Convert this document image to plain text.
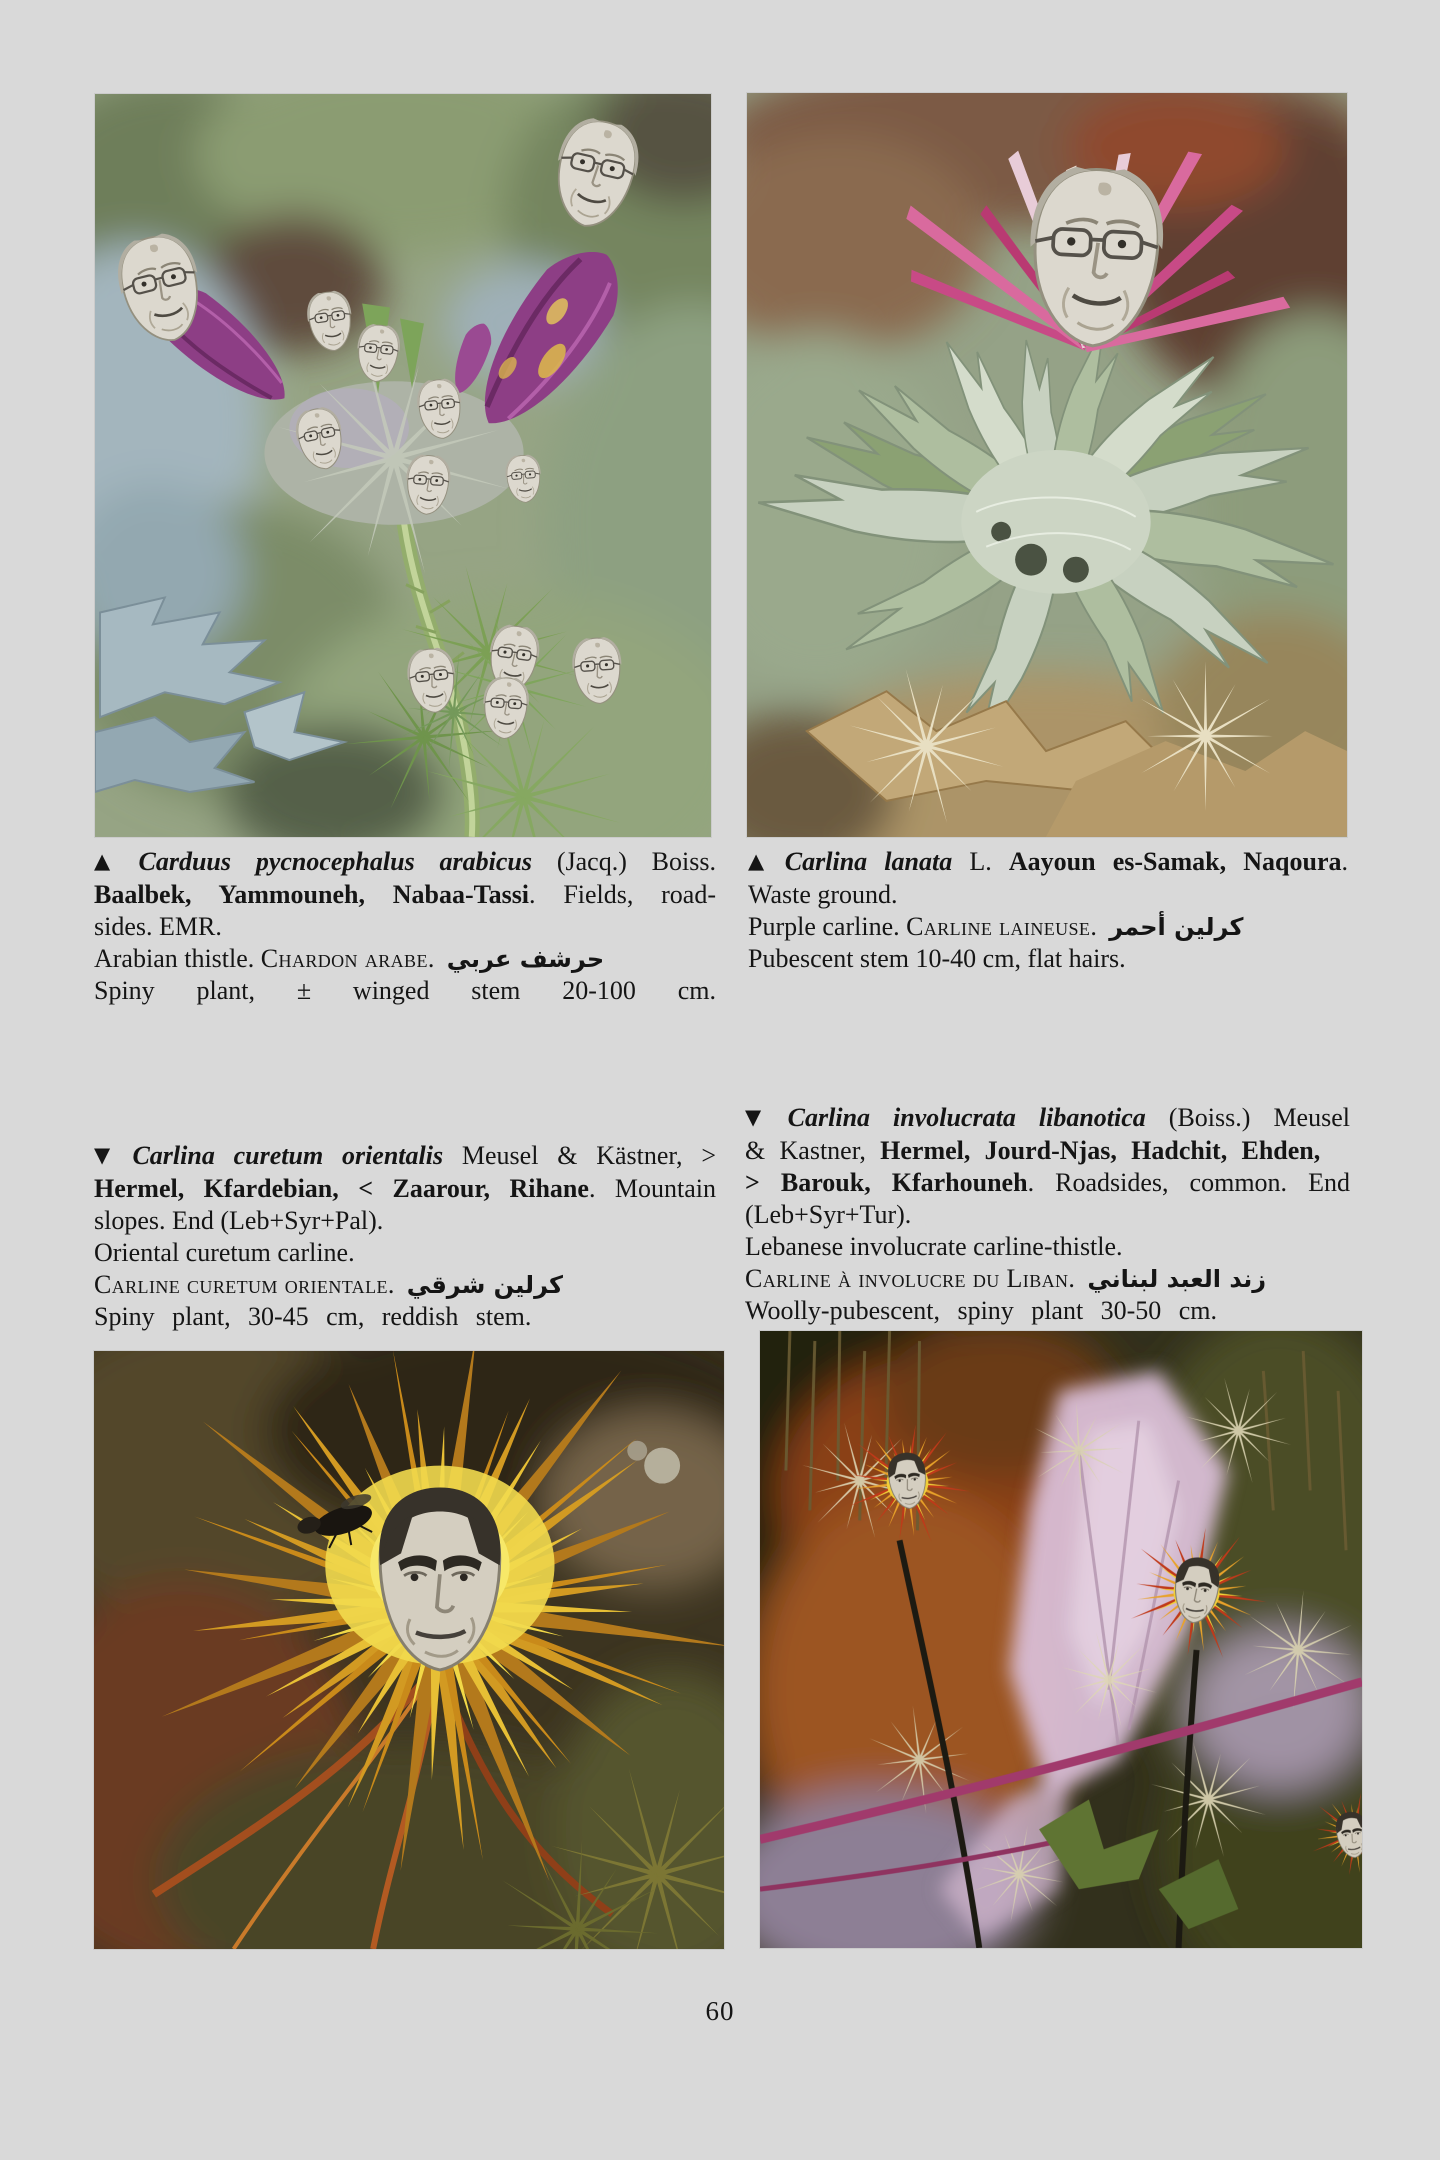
▲ Carduus pycnocephalus arabicus (Jacq.) Boiss.
Baalbek, Yammouneh, Nabaa-Tassi. Fields, road-
sides. EMR.
Arabian thistle. Chardon arabe. حرشف عربي
Spiny plant, ± winged stem 20-100 cm.
▲ Carlina lanata L. Aayoun es-Samak, Naqoura.
Waste ground.
Purple carline. Carline laineuse. كرلين أحمر
Pubescent stem 10-40 cm, flat hairs.
▼ Carlina curetum orientalis Meusel & Kästner, >
Hermel, Kfardebian, < Zaarour, Rihane. Mountain
slopes. End (Leb+Syr+Pal).
Oriental curetum carline.
Carline curetum orientale. كرلين شرقي
Spiny plant, 30-45 cm, reddish stem.
▼ Carlina involucrata libanotica (Boiss.) Meusel
& Kastner, Hermel, Jourd-Njas, Hadchit, Ehden,
> Barouk, Kfarhouneh. Roadsides, common. End
(Leb+Syr+Tur).
Lebanese involucrate carline-thistle.
Carline à involucre du Liban. زند العبد لبناني
Woolly-pubescent, spiny plant 30-50 cm.
60
